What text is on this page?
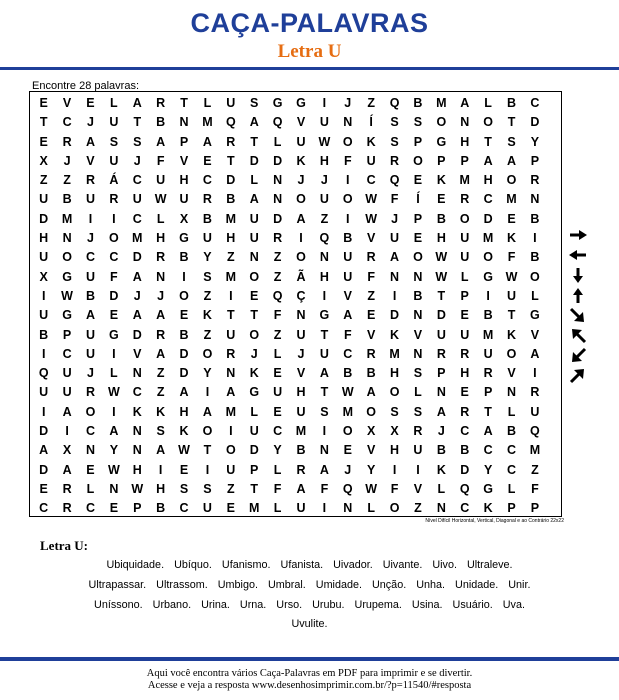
CAÇA-PALAVRAS
Letra U
Encontre 28 palavras:
E	V	E	L	A	R	T	L	U	S	G	G	I	J	Z	Q	B	M	A	L	B	C
T	C	J	U	T	B	N	M	Q	A	Q	V	U	N	Í	S	S	O	N	O	T	D
E	R	A	S	S	A	P	A	R	T	L	U	W	O	K	S	P	G	H	T	S	Y
X	J	V	U	J	F	V	E	T	D	D	K	H	F	U	R	O	P	P	A	A	P
Z	Z	R	Á	C	U	H	C	D	L	N	J	J	I	C	Q	E	K	M	H	O	R
U	B	U	R	U	W	U	R	B	A	N	O	U	O	W	F	Í	E	R	C	M	N
D	M	I	I	C	L	X	B	M	U	D	A	Z	I	W	J	P	B	O	D	E	B
H	N	J	O	M	H	G	U	H	U	R	I	Q	B	V	U	E	H	U	M	K	I
U	O	C	C	D	R	B	Y	Z	N	Z	O	N	U	R	A	O	W	U	O	F	B
X	G	U	F	A	N	I	S	M	O	Z	Ã	H	U	F	N	N	W	L	G	W	O
I	W	B	D	J	J	O	Z	I	E	Q	Ç	I	V	Z	I	B	T	P	I	U	L
U	G	A	E	A	A	E	K	T	T	F	N	G	A	E	D	N	D	E	B	T	G
B	P	U	G	D	R	B	Z	U	O	Z	U	T	F	V	K	V	U	U	M	K	V
I	C	U	I	V	A	D	O	R	J	L	J	U	C	R	M	N	R	R	U	O	A
Q	U	J	L	N	Z	D	Y	N	K	E	V	A	B	B	H	S	P	H	R	V	I
U	U	R	W	C	Z	A	I	A	G	U	H	T	W	A	O	L	N	E	P	N	R
I	A	O	I	K	K	H	A	M	L	E	U	S	M	O	S	S	A	R	T	L	U
D	I	C	A	N	S	K	O	I	U	C	M	I	O	X	X	R	J	C	A	B	Q
A	X	N	Y	N	A	W	T	O	D	Y	B	N	E	V	H	U	B	B	C	C	M
D	A	E	W	H	I	E	I	U	P	L	R	A	J	Y	I	I	K	D	Y	C	Z
E	R	L	N	W	H	S	S	Z	T	F	A	F	Q	W	F	V	L	Q	G	L	F
C	R	C	E	P	B	C	U	E	M	L	U	I	N	L	O	Z	N	C	K	P	P
Nível Difícil Horizontal, Vertical, Diagonal e ao Contrário 22x22
Letra U:
Ubiquidade. Ubíquo. Ufanismo. Ufanista. Uivador. Uivante. Uivo. Ultraleve.
Ultrapassar. Ultrassom. Umbigo. Umbral. Umidade. Unção. Unha. Unidade. Unir.
Uníssono. Urbano. Urina. Urna. Urso. Urubu. Urupema. Usina. Usuário. Uva.
Uvulite.
Aqui você encontra vários Caça-Palavras em PDF para imprimir e se divertir.
Acesse e veja a resposta www.desenhosimprimir.com.br/?p=11540/#resposta
